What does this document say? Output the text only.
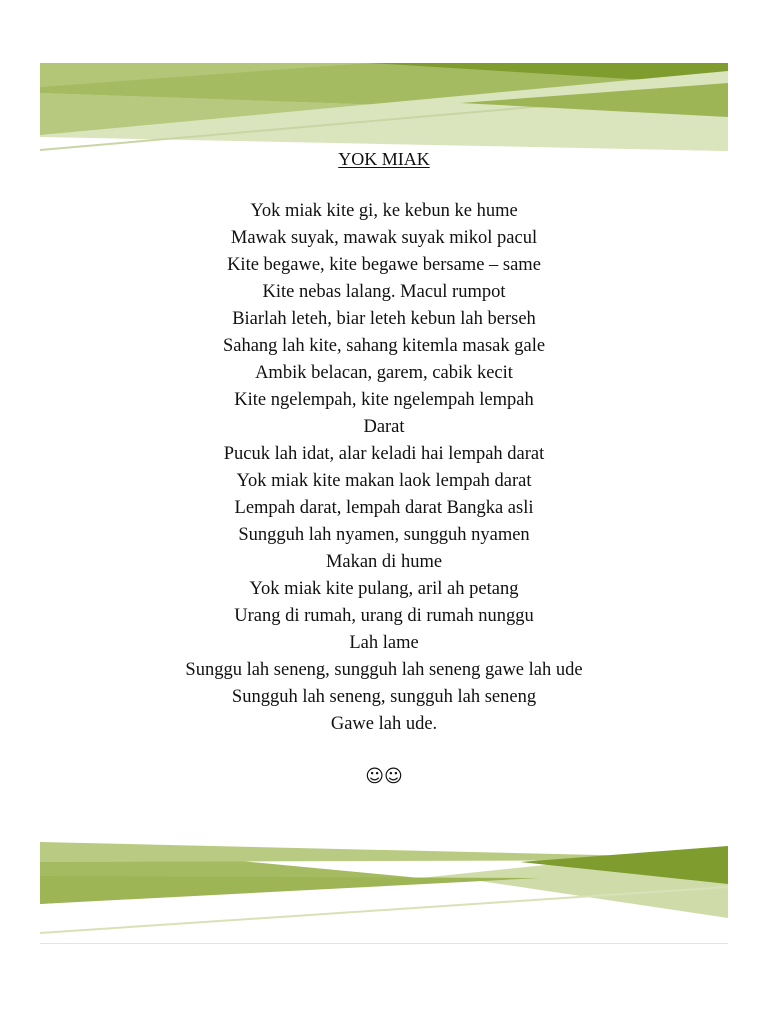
YOK MIAK
Yok miak kite gi, ke kebun ke hume
Mawak suyak, mawak suyak mikol pacul
Kite begawe, kite begawe bersame – same
Kite nebas lalang. Macul rumpot
Biarlah leteh, biar leteh kebun lah berseh
Sahang lah kite, sahang kitemla masak gale
Ambik belacan, garem, cabik kecit
Kite ngelempah, kite ngelempah lempah
Darat
Pucuk lah idat, alar keladi hai lempah darat
Yok miak kite makan laok lempah darat
Lempah darat, lempah darat Bangka asli
Sungguh lah nyamen, sungguh nyamen
Makan di hume
Yok miak kite pulang, aril ah petang
Urang di rumah, urang di rumah nunggu
Lah lame
Sunggu lah seneng, sungguh lah seneng gawe lah ude
Sungguh lah seneng, sungguh lah seneng
Gawe lah ude.
☺☺
